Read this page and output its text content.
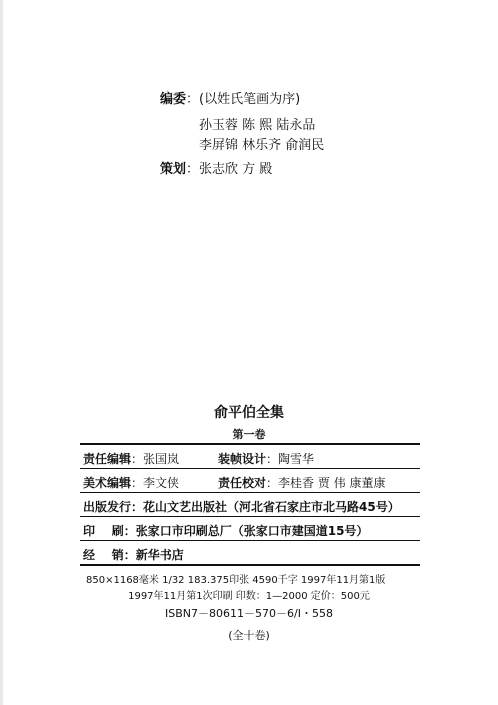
编委：(以姓氏笔画为序)
孙玉蓉 陈 熙 陆永品
李屏锦 林乐齐 俞润民
策划：张志欣 方 殿
俞平伯全集
第一卷
责任编辑：张国岚	装帧设计：陶雪华
美术编辑：李文侠	责任校对：李桂香 贾 伟 康董康
出版发行：花山文艺出版社（河北省石家庄市北马路45号）
印    刷：张家口市印刷总厂（张家口市建国道15号）
经    销：新华书店
850×1168毫米 1/32 183.375印张 4590千字 1997年11月第1版
1997年11月第1次印刷 印数：1—2000 定价：500元
ISBN7－80611－570－6/I・558
(全十卷)
